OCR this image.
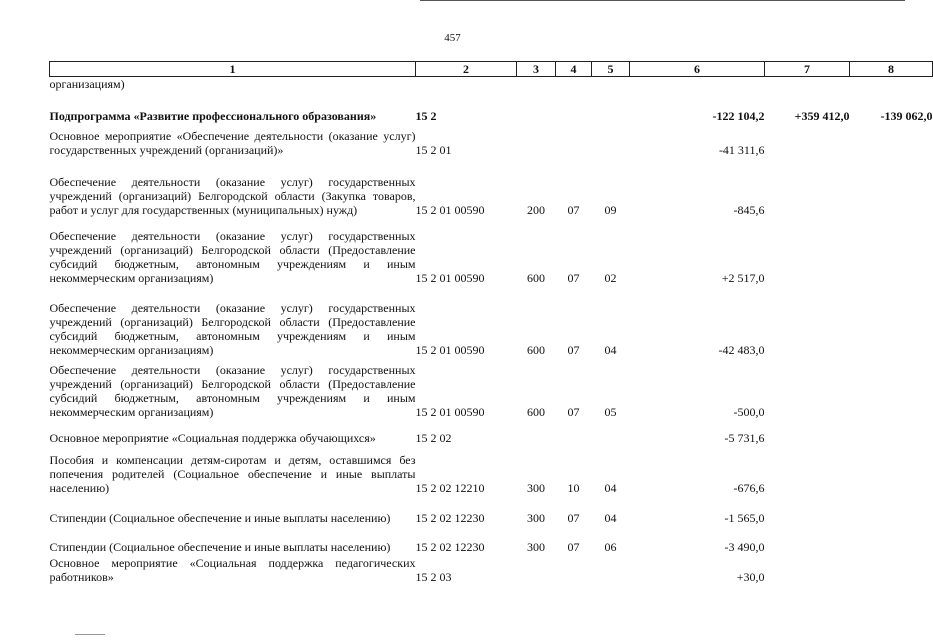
457
1	2	3	4	5	6	7	8
организациям)							
Подпрограмма «Развитие профессионального образования»	15 2				-122 104,2	+359 412,0	-139 062,0
Основное мероприятие «Обеспечение деятельности (оказание услуг) государственных учреждений (организаций)»	15 2 01				-41 311,6		
Обеспечение деятельности (оказание услуг) государственных учреждений (организаций) Белгородской области (Закупка товаров, работ и услуг для государственных (муниципальных) нужд)	15 2 01 00590	200	07	09	-845,6		
Обеспечение деятельности (оказание услуг) государственных учреждений (организаций) Белгородской области (Предоставление субсидий бюджетным, автономным учреждениям и иным некоммерческим организациям)	15 2 01 00590	600	07	02	+2 517,0		
Обеспечение деятельности (оказание услуг) государственных учреждений (организаций) Белгородской области (Предоставление субсидий бюджетным, автономным учреждениям и иным некоммерческим организациям)	15 2 01 00590	600	07	04	-42 483,0		
Обеспечение деятельности (оказание услуг) государственных учреждений (организаций) Белгородской области (Предоставление субсидий бюджетным, автономным учреждениям и иным некоммерческим организациям)	15 2 01 00590	600	07	05	-500,0		
Основное мероприятие «Социальная поддержка обучающихся»	15 2 02				-5 731,6		
Пособия и компенсации детям-сиротам и детям, оставшимся без попечения родителей (Социальное обеспечение и иные выплаты населению)	15 2 02 12210	300	10	04	-676,6		
Стипендии (Социальное обеспечение и иные выплаты населению)	15 2 02 12230	300	07	04	-1 565,0		
Стипендии (Социальное обеспечение и иные выплаты населению)	15 2 02 12230	300	07	06	-3 490,0		
Основное мероприятие «Социальная поддержка педагогических работников»	15 2 03				+30,0		
